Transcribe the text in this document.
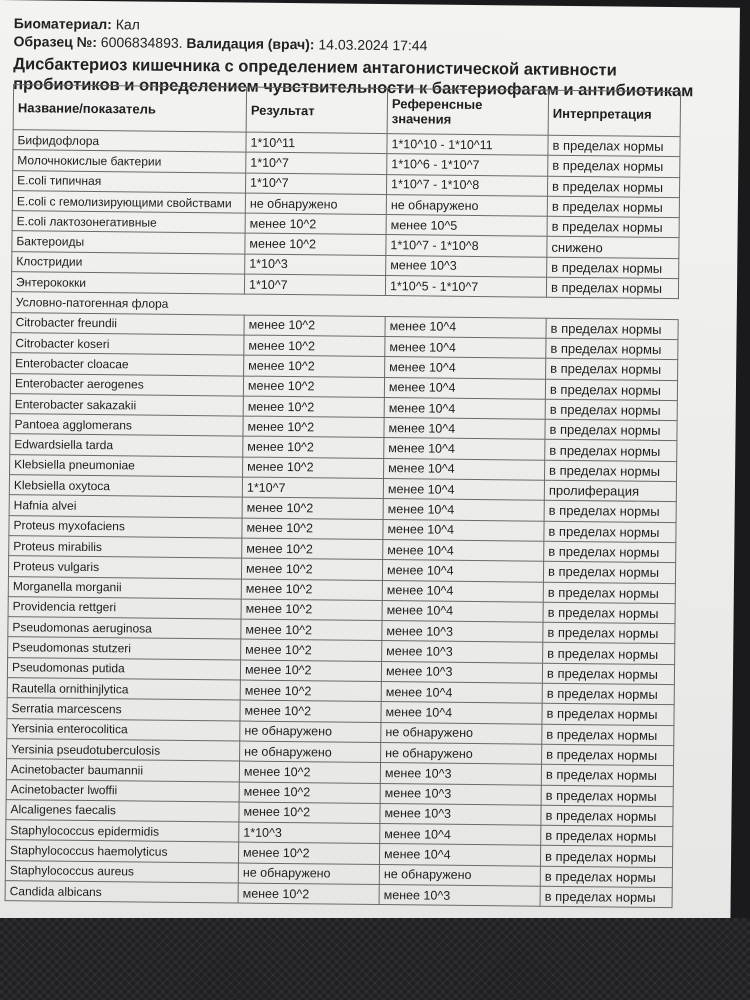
Биоматериал: Кал
Образец №: 6006834893. Валидация (врач): 14.03.2024 17:44
Дисбактериоз кишечника с определением антагонистической активности
пробиотиков и определением чувствительности к бактериофагам и антибиотикам
Название/показатель	Результат	Референсные значения	Интерпретация
Бифидофлора	1*10^11	1*10^10 - 1*10^11	в пределах нормы
Молочнокислые бактерии	1*10^7	1*10^6 - 1*10^7	в пределах нормы
E.coli типичная	1*10^7	1*10^7 - 1*10^8	в пределах нормы
E.coli с гемолизирующими свойствами	не обнаружено	не обнаружено	в пределах нормы
E.coli лактозонегативные	менее 10^2	менее 10^5	в пределах нормы
Бактероиды	менее 10^2	1*10^7 - 1*10^8	снижено
Клостридии	1*10^3	менее 10^3	в пределах нормы
Энтерококки	1*10^7	1*10^5 - 1*10^7	в пределах нормы
Условно-патогенная флора			
Citrobacter freundii	менее 10^2	менее 10^4	в пределах нормы
Citrobacter koseri	менее 10^2	менее 10^4	в пределах нормы
Enterobacter cloacae	менее 10^2	менее 10^4	в пределах нормы
Enterobacter aerogenes	менее 10^2	менее 10^4	в пределах нормы
Enterobacter sakazakii	менее 10^2	менее 10^4	в пределах нормы
Pantoea agglomerans	менее 10^2	менее 10^4	в пределах нормы
Edwardsiella tarda	менее 10^2	менее 10^4	в пределах нормы
Klebsiella pneumoniae	менее 10^2	менее 10^4	в пределах нормы
Klebsiella oxytoca	1*10^7	менее 10^4	пролиферация
Hafnia alvei	менее 10^2	менее 10^4	в пределах нормы
Proteus myxofaciens	менее 10^2	менее 10^4	в пределах нормы
Proteus mirabilis	менее 10^2	менее 10^4	в пределах нормы
Proteus vulgaris	менее 10^2	менее 10^4	в пределах нормы
Morganella morganii	менее 10^2	менее 10^4	в пределах нормы
Providencia rettgeri	менее 10^2	менее 10^4	в пределах нормы
Pseudomonas aeruginosa	менее 10^2	менее 10^3	в пределах нормы
Pseudomonas stutzeri	менее 10^2	менее 10^3	в пределах нормы
Pseudomonas putida	менее 10^2	менее 10^3	в пределах нормы
Rautella ornithinjlytica	менее 10^2	менее 10^4	в пределах нормы
Serratia marcescens	менее 10^2	менее 10^4	в пределах нормы
Yersinia enterocolitica	не обнаружено	не обнаружено	в пределах нормы
Yersinia pseudotuberculosis	не обнаружено	не обнаружено	в пределах нормы
Acinetobacter baumannii	менее 10^2	менее 10^3	в пределах нормы
Acinetobacter lwoffii	менее 10^2	менее 10^3	в пределах нормы
Alcaligenes faecalis	менее 10^2	менее 10^3	в пределах нормы
Staphylococcus epidermidis	1*10^3	менее 10^4	в пределах нормы
Staphylococcus haemolyticus	менее 10^2	менее 10^4	в пределах нормы
Staphylococcus aureus	не обнаружено	не обнаружено	в пределах нормы
Candida albicans	менее 10^2	менее 10^3	в пределах нормы
